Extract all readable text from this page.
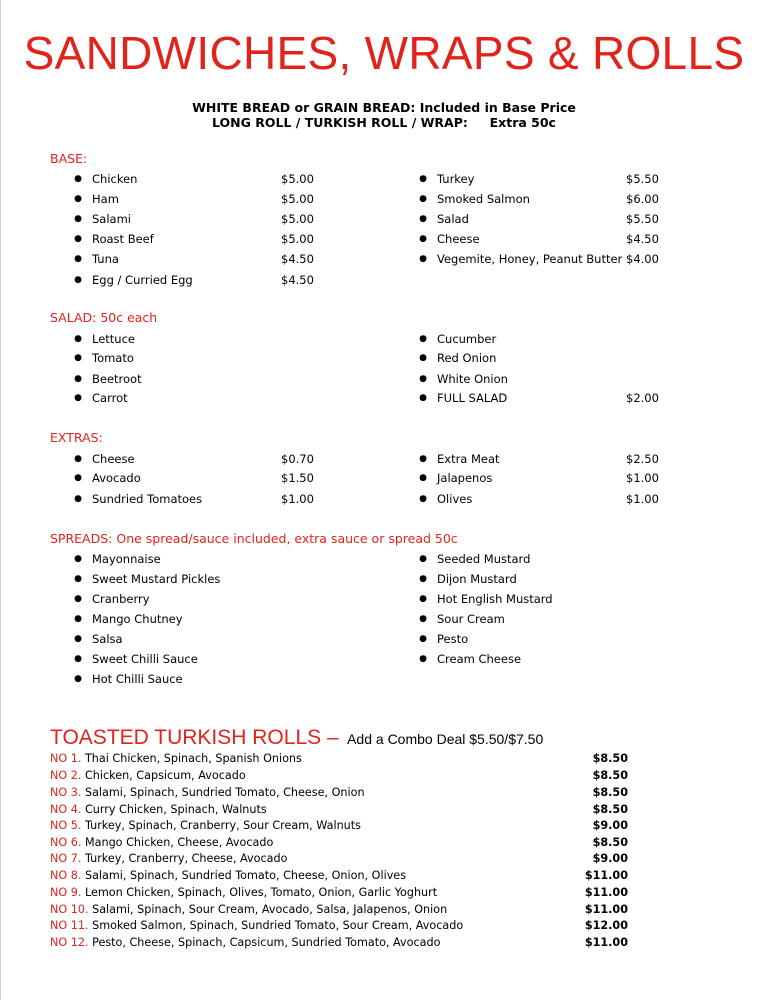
SANDWICHES, WRAPS & ROLLS
WHITE BREAD or GRAIN BREAD: Included in Base Price
LONG ROLL / TURKISH ROLL / WRAP:     Extra 50c
BASE:
SALAD: 50c each
EXTRAS:
SPREADS: One spread/sauce included, extra sauce or spread 50c
● Chicken	$5.00
● Ham	$5.00
● Salami	$5.00
● Roast Beef	$5.00
● Tuna	$4.50
● Egg / Curried Egg	$4.50
● Turkey	$5.50
● Smoked Salmon	$6.00
● Salad	$5.50
● Cheese	$4.50
● Vegemite, Honey, Peanut Butter $4.00
● Lettuce
● Tomato
● Beetroot
● Carrot
● Cucumber
● Red Onion
● White Onion
● FULL SALAD	$2.00
● Cheese	$0.70
● Avocado	$1.50
● Sundried Tomatoes	$1.00
● Extra Meat	$2.50
● Jalapenos	$1.00
● Olives	$1.00
● Mayonnaise
● Sweet Mustard Pickles
● Cranberry
● Mango Chutney
● Salsa
● Sweet Chilli Sauce
● Hot Chilli Sauce
● Seeded Mustard
● Dijon Mustard
● Hot English Mustard
● Sour Cream
● Pesto
● Cream Cheese
TOASTED TURKISH ROLLS – Add a Combo Deal $5.50/$7.50
NO 1. Thai Chicken, Spinach, Spanish Onions	$8.50
NO 2. Chicken, Capsicum, Avocado	$8.50
NO 3. Salami, Spinach, Sundried Tomato, Cheese, Onion	$8.50
NO 4. Curry Chicken, Spinach, Walnuts	$8.50
NO 5. Turkey, Spinach, Cranberry, Sour Cream, Walnuts	$9.00
NO 6. Mango Chicken, Cheese, Avocado	$8.50
NO 7. Turkey, Cranberry, Cheese, Avocado	$9.00
NO 8. Salami, Spinach, Sundried Tomato, Cheese, Onion, Olives	$11.00
NO 9. Lemon Chicken, Spinach, Olives, Tomato, Onion, Garlic Yoghurt	$11.00
NO 10. Salami, Spinach, Sour Cream, Avocado, Salsa, Jalapenos, Onion	$11.00
NO 11. Smoked Salmon, Spinach, Sundried Tomato, Sour Cream, Avocado	$12.00
NO 12. Pesto, Cheese, Spinach, Capsicum, Sundried Tomato, Avocado	$11.00
